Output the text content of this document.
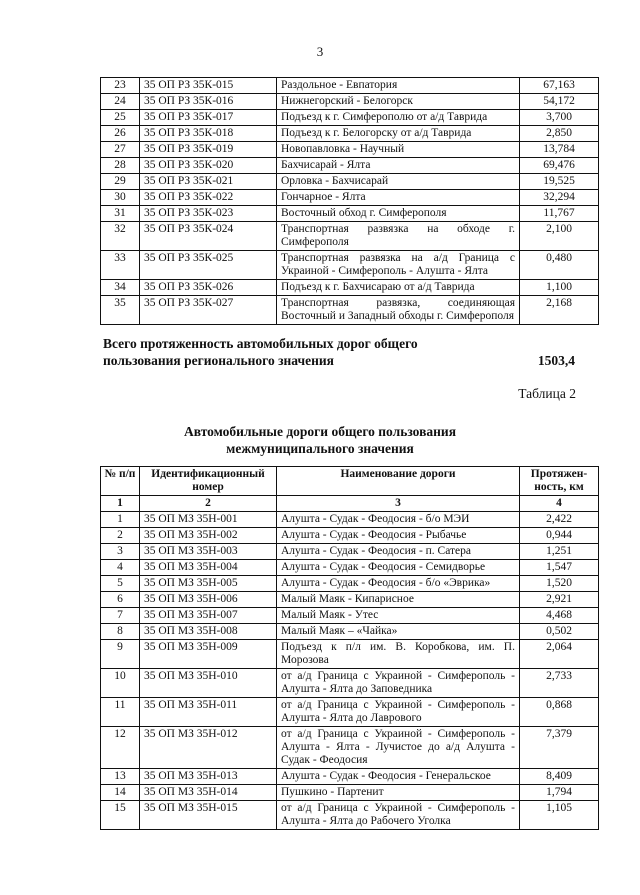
3
23	35 ОП РЗ 35К-015	Раздольное - Евпатория	67,163
24	35 ОП РЗ 35К-016	Нижнегорский - Белогорск	54,172
25	35 ОП РЗ 35К-017	Подъезд к г. Симферополю от а/д Таврида	3,700
26	35 ОП РЗ 35К-018	Подъезд к г. Белогорску от а/д Таврида	2,850
27	35 ОП РЗ 35К-019	Новопавловка - Научный	13,784
28	35 ОП РЗ 35К-020	Бахчисарай - Ялта	69,476
29	35 ОП РЗ 35К-021	Орловка - Бахчисарай	19,525
30	35 ОП РЗ 35К-022	Гончарное - Ялта	32,294
31	35 ОП РЗ 35К-023	Восточный обход г. Симферополя	11,767
32	35 ОП РЗ 35К-024	Транспортная развязка на обходе г. Симферополя	2,100
33	35 ОП РЗ 35К-025	Транспортная развязка на а/д Граница с Украиной - Симферополь - Алушта - Ялта	0,480
34	35 ОП РЗ 35К-026	Подъезд к г. Бахчисараю от а/д Таврида	1,100
35	35 ОП РЗ 35К-027	Транспортная развязка, соединяющая Восточный и Западный обходы г. Симферополя	2,168
Всего протяженность автомобильных дорог общего
пользования регионального значения	1503,4
Таблица 2
Автомобильные дороги общего пользования
межмуниципального значения
№ п/п	Идентификационный номер	Наименование дороги	Протяжен-ность, км
1	2	3	4
1	35 ОП МЗ 35Н-001	Алушта - Судак - Феодосия - б/о МЭИ	2,422
2	35 ОП МЗ 35Н-002	Алушта - Судак - Феодосия - Рыбачье	0,944
3	35 ОП МЗ 35Н-003	Алушта - Судак - Феодосия - п. Сатера	1,251
4	35 ОП МЗ 35Н-004	Алушта - Судак - Феодосия - Семидворье	1,547
5	35 ОП МЗ 35Н-005	Алушта - Судак - Феодосия - б/о «Эврика»	1,520
6	35 ОП МЗ 35Н-006	Малый Маяк - Кипарисное	2,921
7	35 ОП МЗ 35Н-007	Малый Маяк - Утес	4,468
8	35 ОП МЗ 35Н-008	Малый Маяк – «Чайка»	0,502
9	35 ОП МЗ 35Н-009	Подъезд к п/л им. В. Коробкова, им. П. Морозова	2,064
10	35 ОП МЗ 35Н-010	от а/д Граница с Украиной - Симферополь - Алушта - Ялта до Заповедника	2,733
11	35 ОП МЗ 35Н-011	от а/д Граница с Украиной - Симферополь - Алушта - Ялта до Лаврового	0,868
12	35 ОП МЗ 35Н-012	от а/д Граница с Украиной - Симферополь - Алушта - Ялта - Лучистое до а/д Алушта - Судак - Феодосия	7,379
13	35 ОП МЗ 35Н-013	Алушта - Судак - Феодосия - Генеральское	8,409
14	35 ОП МЗ 35Н-014	Пушкино - Партенит	1,794
15	35 ОП МЗ 35Н-015	от а/д Граница с Украиной - Симферополь - Алушта - Ялта до Рабочего Уголка	1,105
